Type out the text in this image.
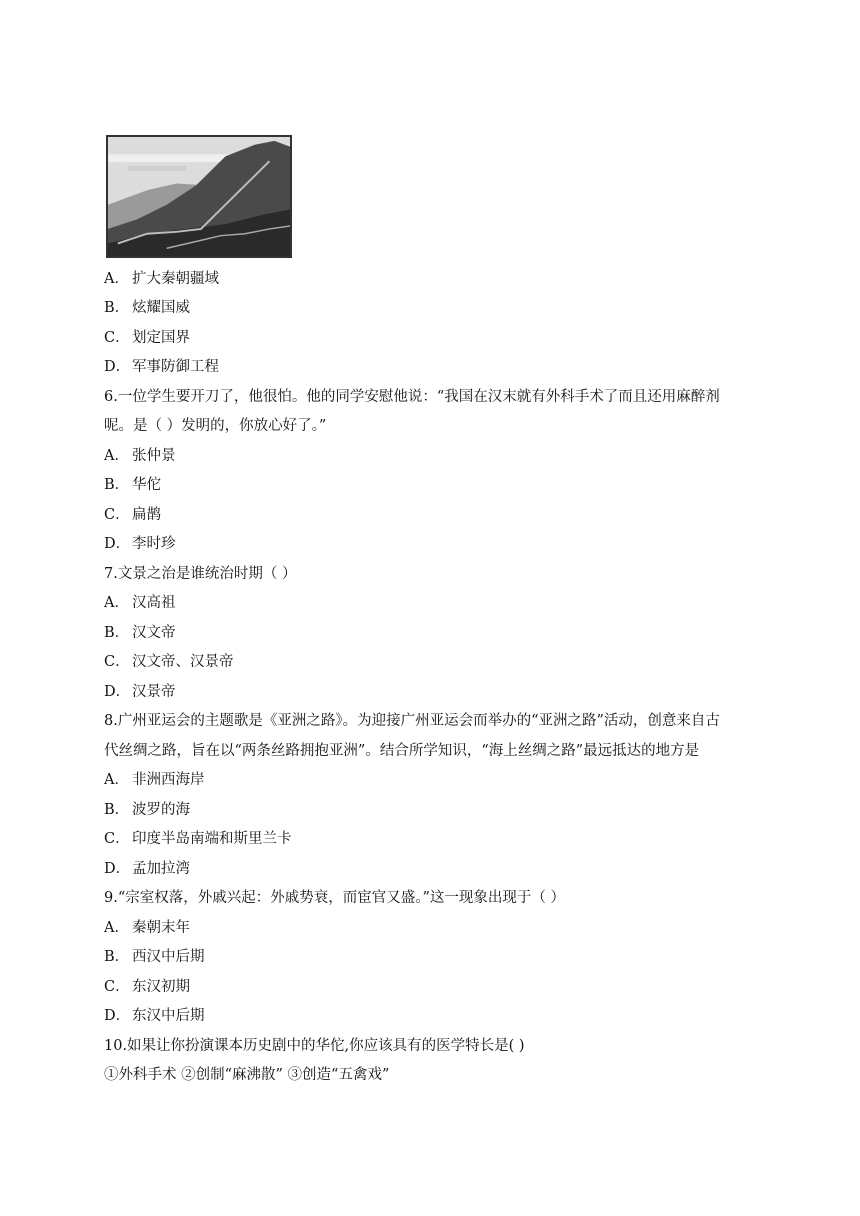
A． 扩大秦朝疆域
B． 炫耀国威
C． 划定国界
D． 军事防御工程
6.一位学生要开刀了，他很怕。他的同学安慰他说：“我国在汉末就有外科手术了而且还用麻醉剂
呢。是（ ）发明的，你放心好了。”
A． 张仲景
B． 华佗
C． 扁鹊
D． 李时珍
7.文景之治是谁统治时期（ ）
A． 汉高祖
B． 汉文帝
C． 汉文帝、汉景帝
D． 汉景帝
8.广州亚运会的主题歌是《亚洲之路》。为迎接广州亚运会而举办的“亚洲之路”活动，创意来自古
代丝绸之路，旨在以“两条丝路拥抱亚洲”。结合所学知识，“海上丝绸之路”最远抵达的地方是
A． 非洲西海岸
B． 波罗的海
C． 印度半岛南端和斯里兰卡
D． 孟加拉湾
9.“宗室权落，外戚兴起：外戚势衰，而宦官又盛。”这一现象出现于（ ）
A． 秦朝末年
B． 西汉中后期
C． 东汉初期
D． 东汉中后期
10.如果让你扮演课本历史剧中的华佗,你应该具有的医学特长是( )
①外科手术 ②创制“麻沸散” ③创造“五禽戏”
